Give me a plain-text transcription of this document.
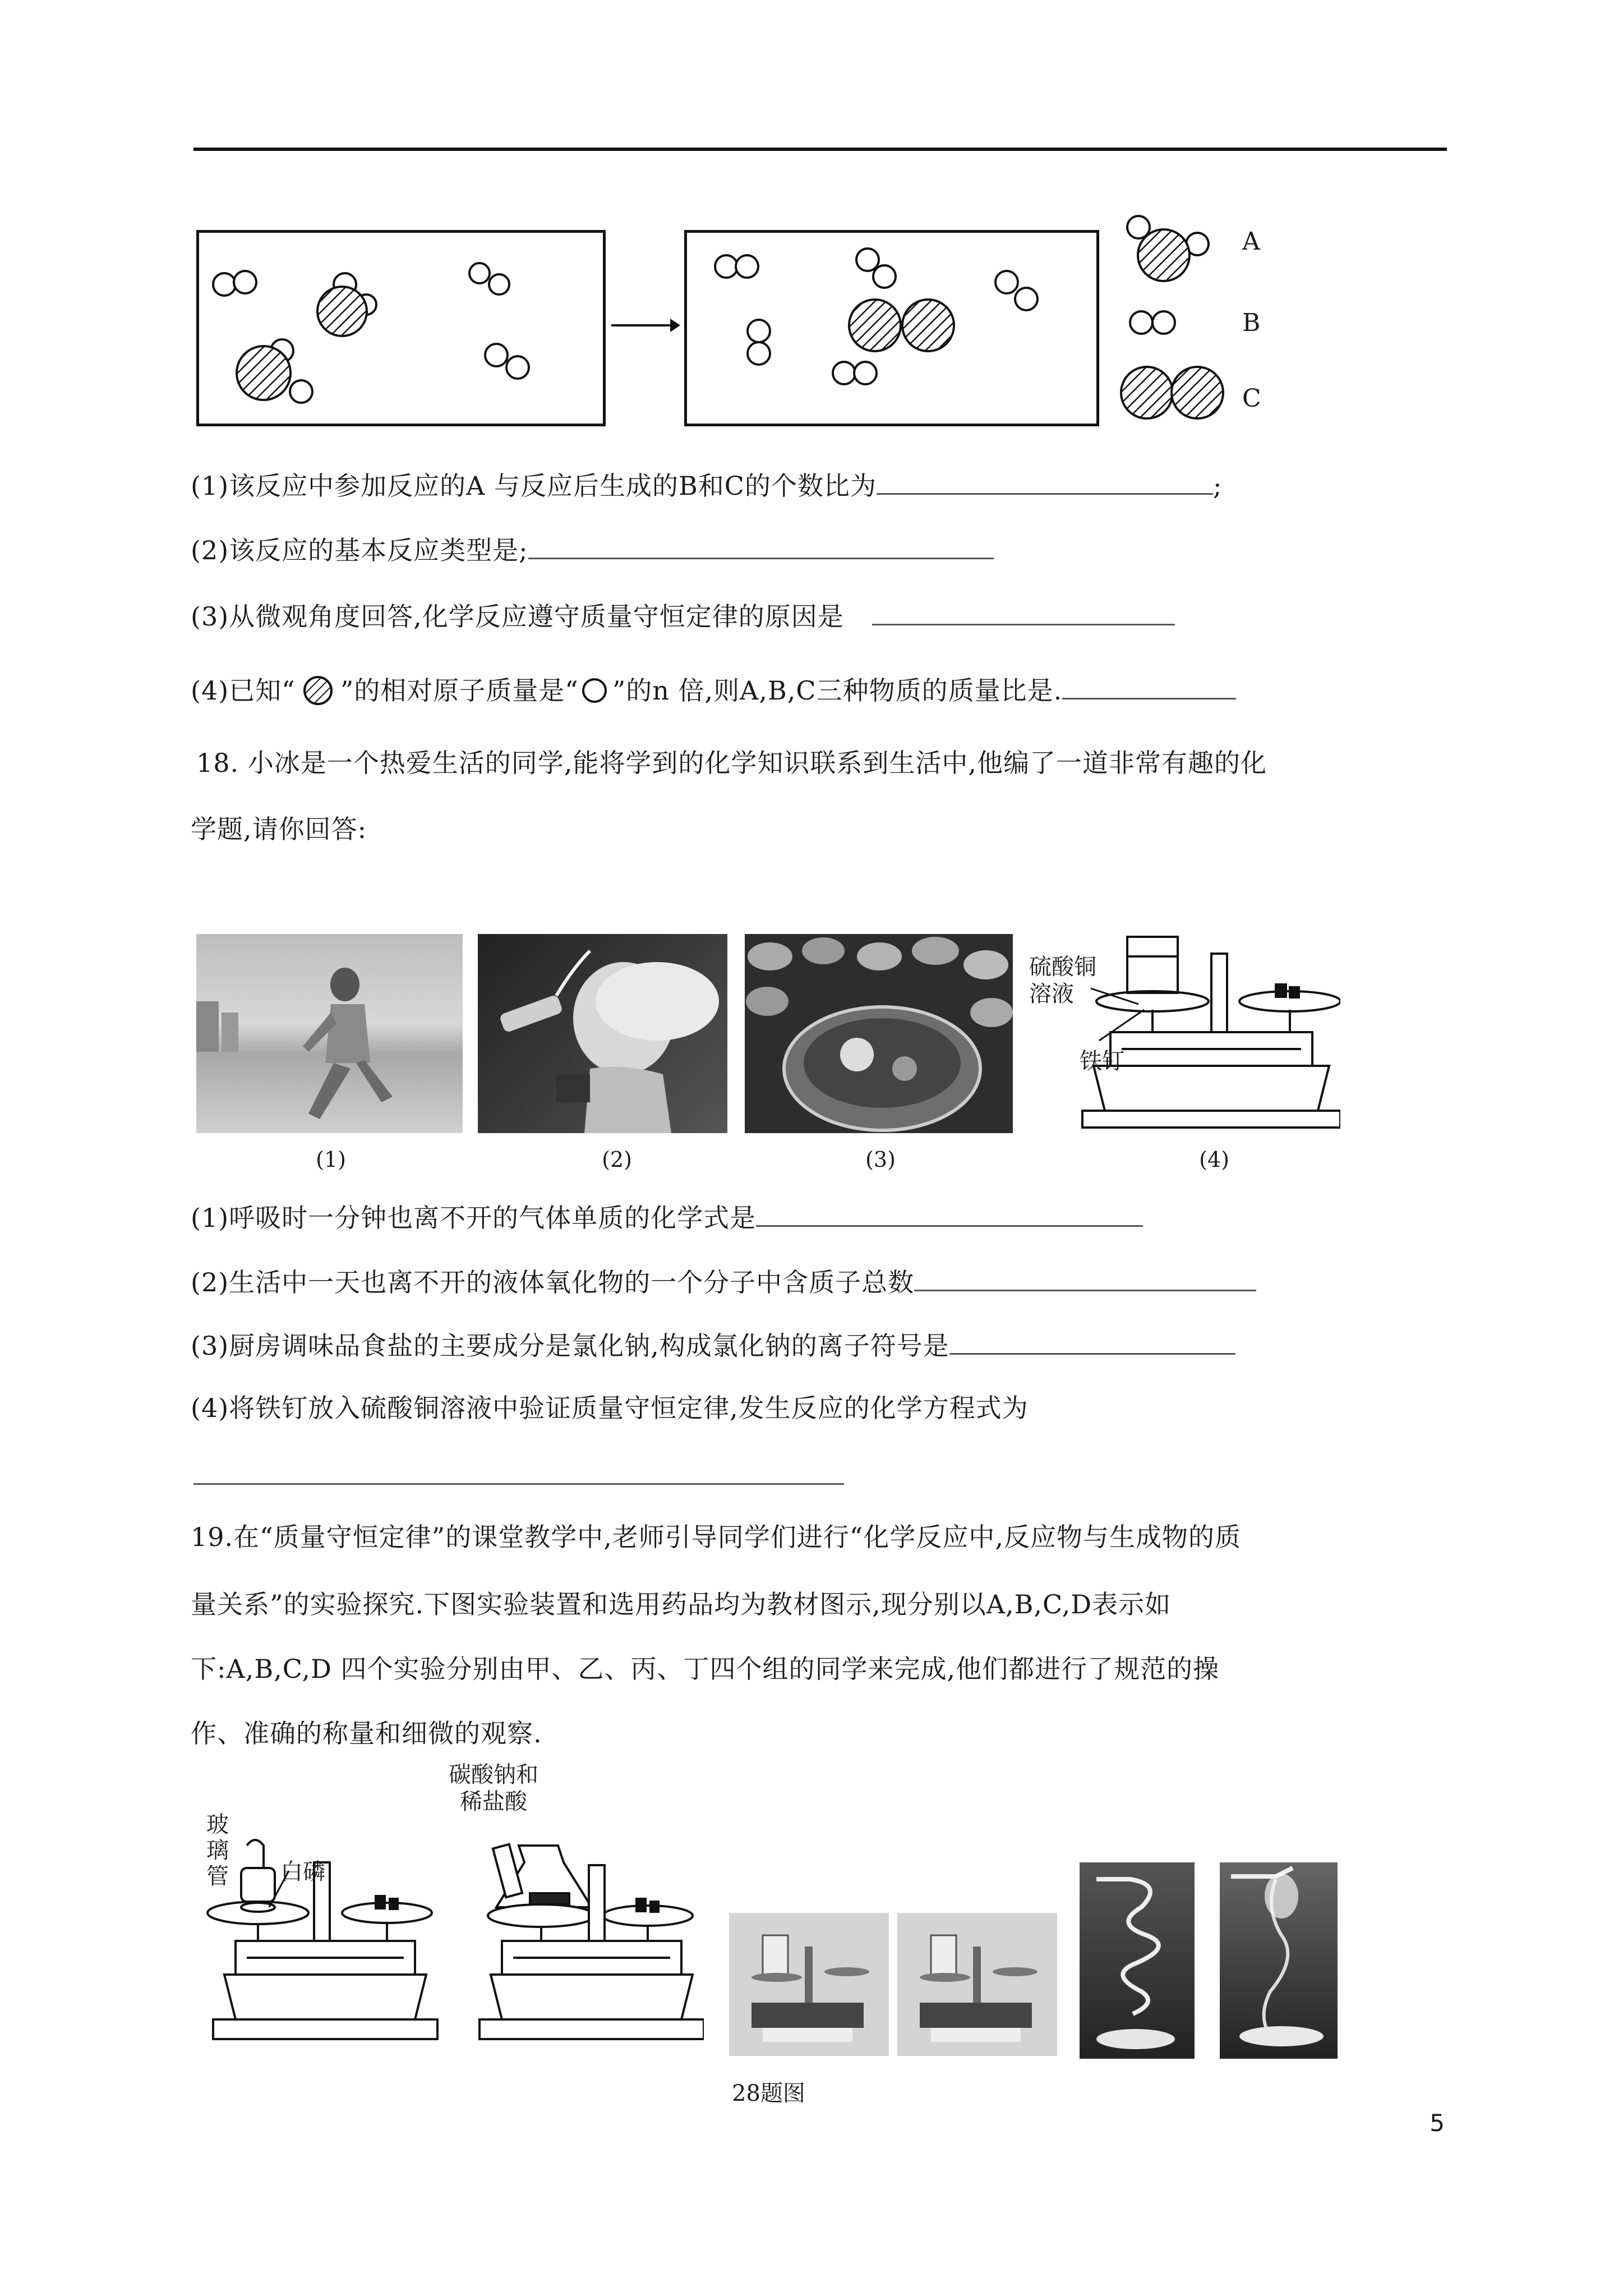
A
B
C
(1)该反应中参加反应的A 与反应后生成的B和C的个数比为	;
(2)该反应的基本反应类型是;
(3)从微观角度回答,化学反应遵守质量守恒定律的原因是
(4)已知“ ”的相对原子质量是“ ”的n 倍,则A,B,C三种物质的质量比是.
18. 小冰是一个热爱生活的同学,能将学到的化学知识联系到生活中,他编了一道非常有趣的化
学题,请你回答:
硫酸铜
溶液
铁钉
(1)	(2)	(3)	(4)
(1)呼吸时一分钟也离不开的气体单质的化学式是
(2)生活中一天也离不开的液体氧化物的一个分子中含质子总数
(3)厨房调味品食盐的主要成分是氯化钠,构成氯化钠的离子符号是
(4)将铁钉放入硫酸铜溶液中验证质量守恒定律,发生反应的化学方程式为
19.在“质量守恒定律”的课堂教学中,老师引导同学们进行“化学反应中,反应物与生成物的质
量关系”的实验探究.下图实验装置和选用药品均为教材图示,现分别以A,B,C,D表示如
下:A,B,C,D 四个实验分别由甲、乙、丙、丁四个组的同学来完成,他们都进行了规范的操
作、准确的称量和细微的观察.
玻
璃
管 白磷
碳酸钠和
稀盐酸
28题图
5
